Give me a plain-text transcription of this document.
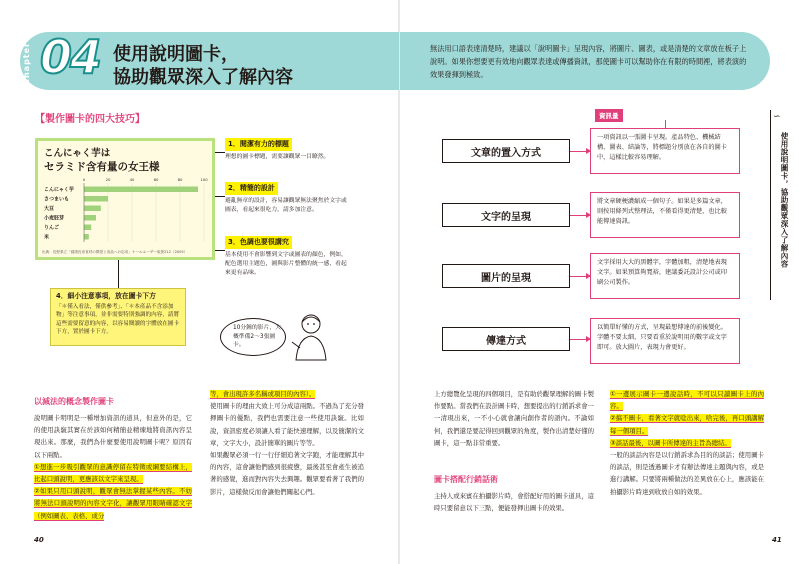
Chapter 04 使用說明圖卡，
協助觀眾深入了解內容
【製作圖卡的四大技巧】
こんにゃく芋は
セラミド含有量の女王様
0	20	40	60	80	100
こんにゃく芋
さつまいも
大豆
小麦胚芽
りんご
米
出典：長野県立「健康長寿食材の開発と食品への応用」ケールユーザー取扱212（2005）
1．閱潔有力的標題
理想的圖卡標題，需要讓觀眾一目瞭然。
2．精簡的設計
避亂無章的設計，容易讓觀眾無法聚焦於文字或圖表，看起來很吃力，請多加注意。
3．色調也要很講究
基本使用不會影響到文字或圖表的顏色，例如，配色選用主題色，圖與影片整體的統一感，看起來更有品味。
4．細小注意事項，放在圖卡下方
「＊僅入看法，僅供參考」、「＊本產品不含添加物」等注意事項，並非需要特別強調的內容，請將這些需要留意的內容，以容易閱讀的字體放在圖卡下方，置於圖卡下方。
10分鐘的影片，大概準備2～3張圖卡。
以減法的概念製作圖卡
說明圖卡明明是一種增加資訊的道具，但意外的是，它的使用訣竅其實在於該如何精簡並精煉地將資訊內容呈現出來。那麼，我們為什麼要使用說明圖卡呢？原因有以下兩點。
①想進一步吸引觀眾的意識停留在特徵或綱要結構上，比起口頭說明，更應該以文字來呈現。
②如果只用口頭說明，觀眾會無法掌握某些內容。不妨將無法口頭說明的內容文字化，讓觀眾用眼睛確認文字（例如圖表、表格、成分
等，會出現許多名稱或項目的內容）。
使用圖卡的理由大致上可分成這兩點。不過為了充分發揮圖卡的優點，我們也需要注意一些使用訣竅。比如說，資訊密度必須讓人看了能快速理解，以及簡潔的文章，文字大小，設計簡單的圖片等等。
如果觀眾必須一行一行仔細追著文字跑，才能理解其中的內容，這會讓他們感到很疲憊，最後甚至會產生被追著的感覺，進而對內容失去興趣。觀眾要看著了我們的影片，這樣做反而會讓他們關起心門。
40
無法用口語表達清楚時，建議以「說明圖卡」呈現內容，將圖片、圖表，或是清楚的文章放在板子上說明。如果你想要更有效地向觀眾表達或傳播資訊，那使圖卡可以幫助你在有限的時間裡，將表演的效果發揮到極致。
資訊量
文章的置入方式
一項資訊以一張圖卡呈現。產品特色、機械結構、圖表、結論等，將標題分別放在各自的圖卡中，這樣比較容易理解。
文字的呈現
將文章硬梗濃縮成一個句子。如果是多篇文章，則按用條列式整理法，不僅看得更清楚，也比較能傳達資訊。
圖片的呈現
文字採用大大的黑體字，字體加粗，清楚地表現文字。如果預算夠寬裕，建議委託設計公司或印刷公司製作。
傳達方式
以簡單好懂的方式，呈現最想傳達的前後變化。字體不要太細，只要看重於說明用的數字或文字即可。放大圖片，表現力會更好。
上方總覽化呈現的四個項目，是有助於觀眾理解的圖卡製作要點。當我們在設計圖卡時，想要提出的行銷訴求會一一清現出來，一不小心就會讓向創作者的語內。不論如何，我們還是要記得回到觀眾的角度，製作出清楚好懂的圖卡，這一點非常重要。
圖卡搭配行銷話術
主持人或來賓在拍攝影片時，會搭配好用的圖卡道具，這時只要留意以下三點，便能發揮出圖卡的效果。
①一邊展示圖卡一邊說話時，不可以只讀圖卡上的內容。
②搞不圖卡，看著文字就唸出來，啥完後，再口頭講解每一個項目。
③談話最後，以圖卡所傳達的主旨為總結。
一般的談話內容是以行銷訴求為目的的談話；使用圖卡的談話，則是透過圖卡才有辦法傳達主題與內容，或是進行講解。只要將兩種做法的差異放在心上，應該能在拍攝影片時達到收放自如的效果。
∽
使用說明圖卡，協助觀眾深入了解內容
41
